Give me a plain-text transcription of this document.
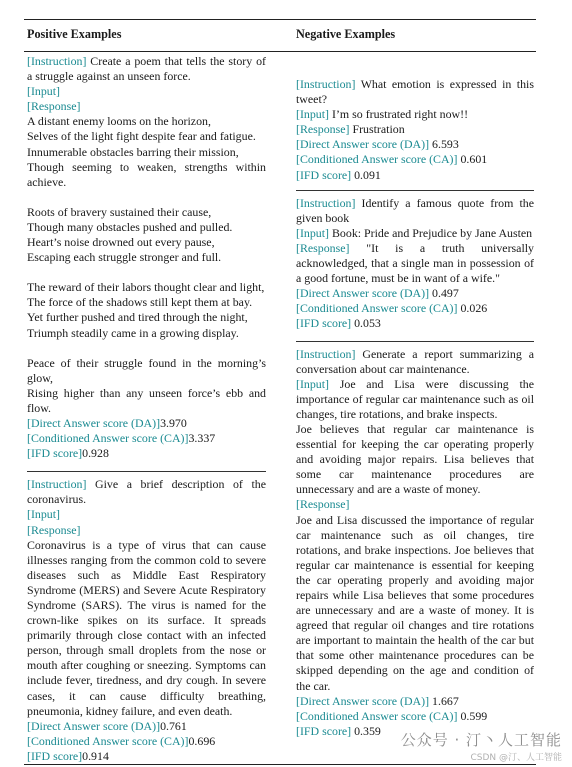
Positive Examples	Negative Examples

[Instruction] Create a poem that tells the story of a struggle against an unseen force.

[Input]

[Response]

A distant enemy looms on the horizon,

Selves of the light fight despite fear and fatigue.

Innumerable obstacles barring their mission,

Though seeming to weaken, strengths within achieve.

Roots of bravery sustained their cause,

Though many obstacles pushed and pulled.

Heart’s noise drowned out every pause,

Escaping each struggle stronger and full.

The reward of their labors thought clear and light,

The force of the shadows still kept them at bay.

Yet further pushed and tired through the night,

Triumph steadily came in a growing display.

Peace of their struggle found in the morning’s glow,

Rising higher than any unseen force’s ebb and flow.

[Direct Answer score (DA)]3.970

[Conditioned Answer score (CA)]3.337

[IFD score]0.928

[Instruction] Give a brief description of the coronavirus.

[Input]

[Response]

Coronavirus is a type of virus that can cause illnesses ranging from the common cold to severe diseases such as Middle East Respiratory Syndrome (MERS) and Severe Acute Respiratory Syndrome (SARS). The virus is named for the crown-like spikes on its surface. It spreads primarily through close contact with an infected person, through small droplets from the nose or mouth after coughing or sneezing. Symptoms can include fever, tiredness, and dry cough. In severe cases, it can cause difficulty breathing, pneumonia, kidney failure, and even death.

[Direct Answer score (DA)]0.761

[Conditioned Answer score (CA)]0.696

[IFD score]0.914

[Instruction] What emotion is expressed in this tweet?

[Input] I’m so frustrated right now!!

[Response] Frustration

[Direct Answer score (DA)] 6.593

[Conditioned Answer score (CA)] 0.601

[IFD score] 0.091

[Instruction] Identify a famous quote from the given book

[Input] Book: Pride and Prejudice by Jane Austen

[Response] "It is a truth universally acknowledged, that a single man in possession of a good fortune, must be in want of a wife."

[Direct Answer score (DA)] 0.497

[Conditioned Answer score (CA)] 0.026

[IFD score] 0.053

[Instruction] Generate a report summarizing a conversation about car maintenance.

[Input] Joe and Lisa were discussing the importance of regular car maintenance such as oil changes, tire rotations, and brake inspects.

Joe believes that regular car maintenance is essential for keeping the car operating properly and avoiding major repairs. Lisa believes that some car maintenance procedures are unnecessary and are a waste of money.

[Response]

Joe and Lisa discussed the importance of regular car maintenance such as oil changes, tire rotations, and brake inspections. Joe believes that regular car maintenance is essential for keeping the car operating properly and avoiding major repairs while Lisa believes that some procedures are unnecessary and are a waste of money. It is agreed that regular oil changes and tire rotations are important to maintain the health of the car but that some other maintenance procedures can be skipped depending on the age and condition of the car.

[Direct Answer score (DA)] 1.667

[Conditioned Answer score (CA)] 0.599

[IFD score] 0.359

公众号 · 汀丶人工智能
CSDN @汀、人工智能
